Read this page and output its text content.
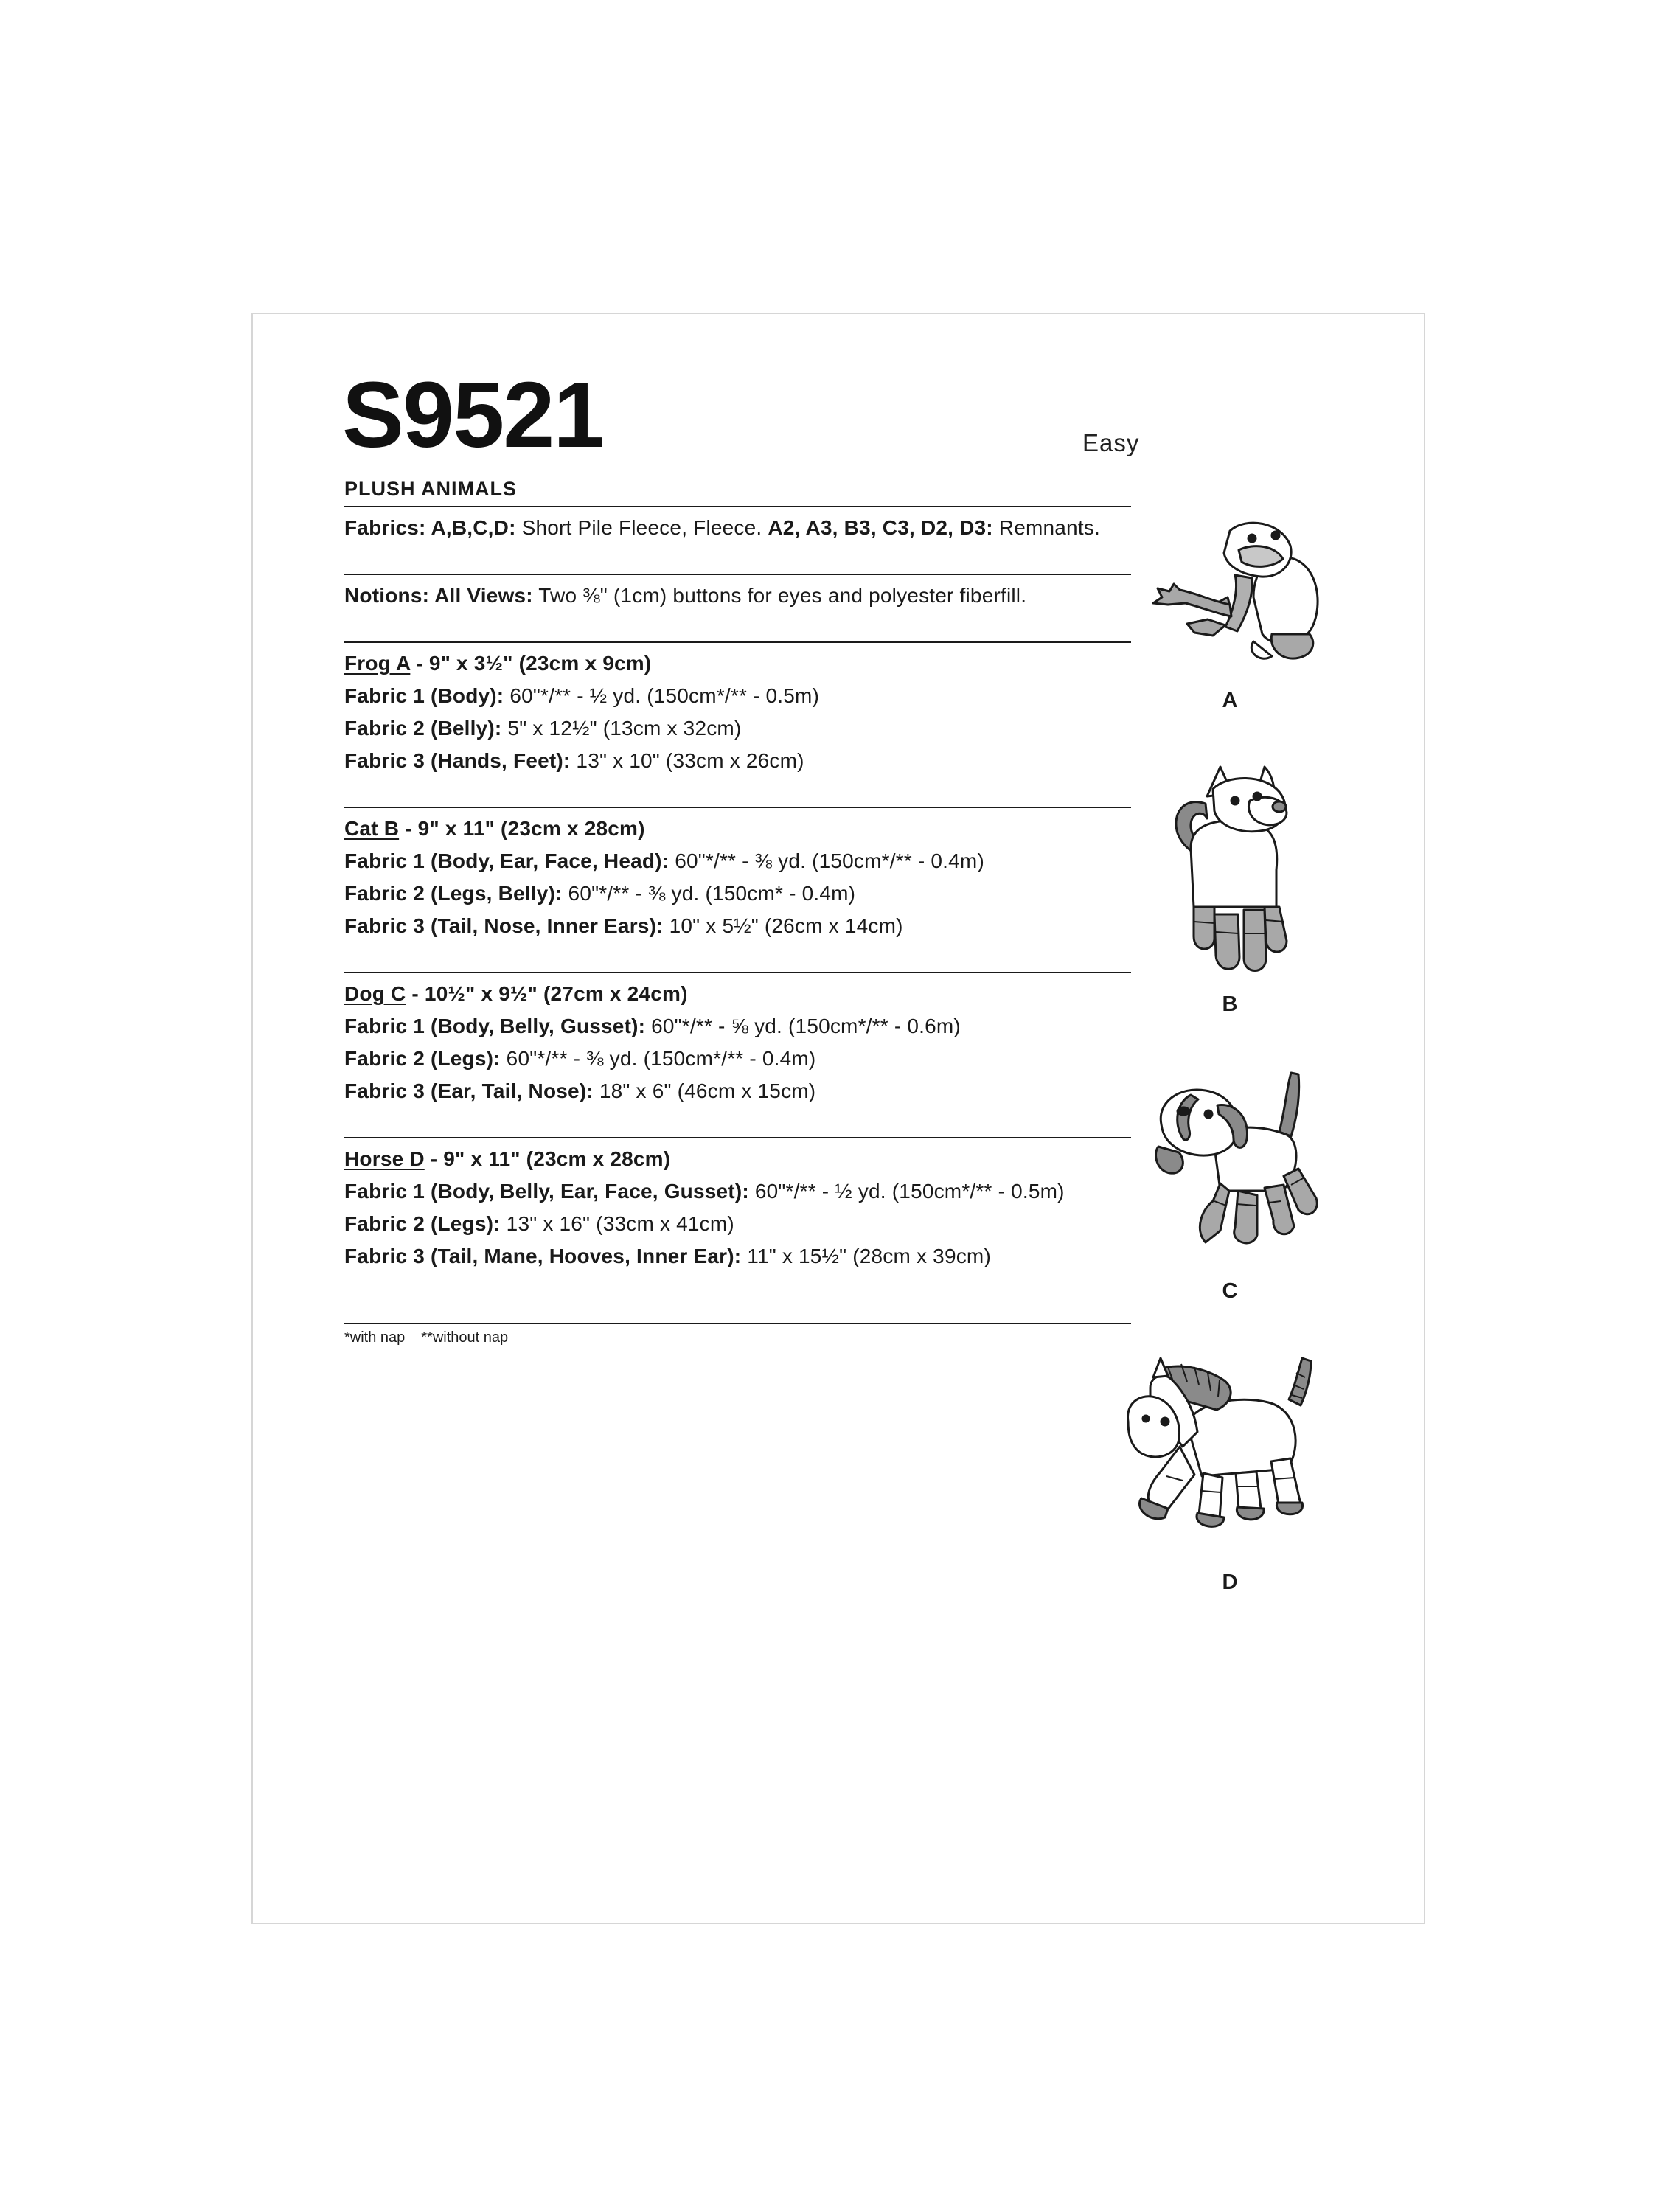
S9521	Easy
PLUSH ANIMALS
Fabrics: A,B,C,D: Short Pile Fleece, Fleece. A2, A3, B3, C3, D2, D3: Remnants.
Notions: All Views: Two ⅜" (1cm) buttons for eyes and polyester fiberfill.
Frog A - 9" x 3½" (23cm x 9cm)
Fabric 1 (Body): 60"*/** - ½ yd. (150cm*/** - 0.5m)
Fabric 2 (Belly): 5" x 12½" (13cm x 32cm)
Fabric 3 (Hands, Feet): 13" x 10" (33cm x 26cm)
Cat B - 9" x 11" (23cm x 28cm)
Fabric 1 (Body, Ear, Face, Head): 60"*/** - ⅜ yd. (150cm*/** - 0.4m)
Fabric 2 (Legs, Belly): 60"*/** - ⅜ yd. (150cm* - 0.4m)
Fabric 3 (Tail, Nose, Inner Ears): 10" x 5½" (26cm x 14cm)
Dog C - 10½" x 9½" (27cm x 24cm)
Fabric 1 (Body, Belly, Gusset): 60"*/** - ⅝ yd. (150cm*/** - 0.6m)
Fabric 2 (Legs): 60"*/** - ⅜ yd. (150cm*/** - 0.4m)
Fabric 3 (Ear, Tail, Nose): 18" x 6" (46cm x 15cm)
Horse D - 9" x 11" (23cm x 28cm)
Fabric 1 (Body, Belly, Ear, Face, Gusset): 60"*/** - ½ yd. (150cm*/** - 0.5m)
Fabric 2 (Legs): 13" x 16" (33cm x 41cm)
Fabric 3 (Tail, Mane, Hooves, Inner Ear): 11" x 15½" (28cm x 39cm)
*with nap **without nap
A
B
C
D
